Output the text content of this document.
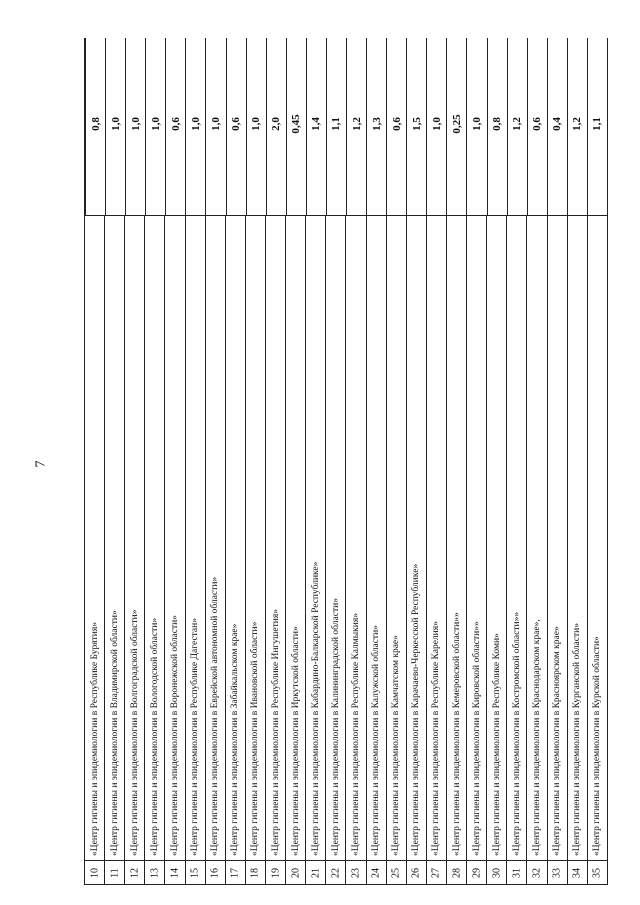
7
0,8 1,0 1,0 1,0 0,6 1,0 1,0 0,6 1,0 2,0 0,45 1,4 1,1 1,2 1,3 0,6 1,5 1,0 0,25 1,0 0,8 1,2 0,6 0,4 1,2 1,1
«Центр гигиены и эпидемиологии в Республике Бурятия» «Центр гигиены и эпидемиологии в Владимирской области» «Центр гигиены и эпидемиологии в Волгоградской области» «Центр гигиены и эпидемиологии в Вологодской области» «Центр гигиены и эпидемиологии в Воронежской области» «Центр гигиены и эпидемиологии в Республике Дагестан» «Центр гигиены и эпидемиологии в Еврейской автономной области» «Центр гигиены и эпидемиологии в Забайкальском крае» «Центр гигиены и эпидемиологии в Ивановской области» «Центр гигиены и эпидемиологии в Республике Ингушетия» «Центр гигиены и эпидемиологии в Иркутской области» «Центр гигиены и эпидемиологии в Кабардино-Балкарской Республике» «Центр гигиены и эпидемиологии в Калининградской области» «Центр гигиены и эпидемиологии в Республике Калмыкия» «Центр гигиены и эпидемиологии в Калужской области» «Центр гигиены и эпидемиологии в Камчатском крае» «Центр гигиены и эпидемиологии в Карачаево-Черкесской Республике» «Центр гигиены и эпидемиологии в Республике Карелия» «Центр гигиены и эпидемиологии в Кемеровской области»» «Центр гигиены и эпидемиологии в Кировской области»» «Центр гигиены и эпидемиологии в Республике Коми» «Центр гигиены и эпидемиологии в Костромской области»» «Центр гигиены и эпидемиологии в Краснодарском крае», «Центр гигиены и эпидемиологии в Красноярском крае» «Центр гигиены и эпидемиологии в Курганской области» «Центр гигиены и эпидемиологии в Курской области»
10 11 12 13 14 15 16 17 18 19 20 21 22 23 24 25 26 27 28 29 30 31 32 33 34 35
